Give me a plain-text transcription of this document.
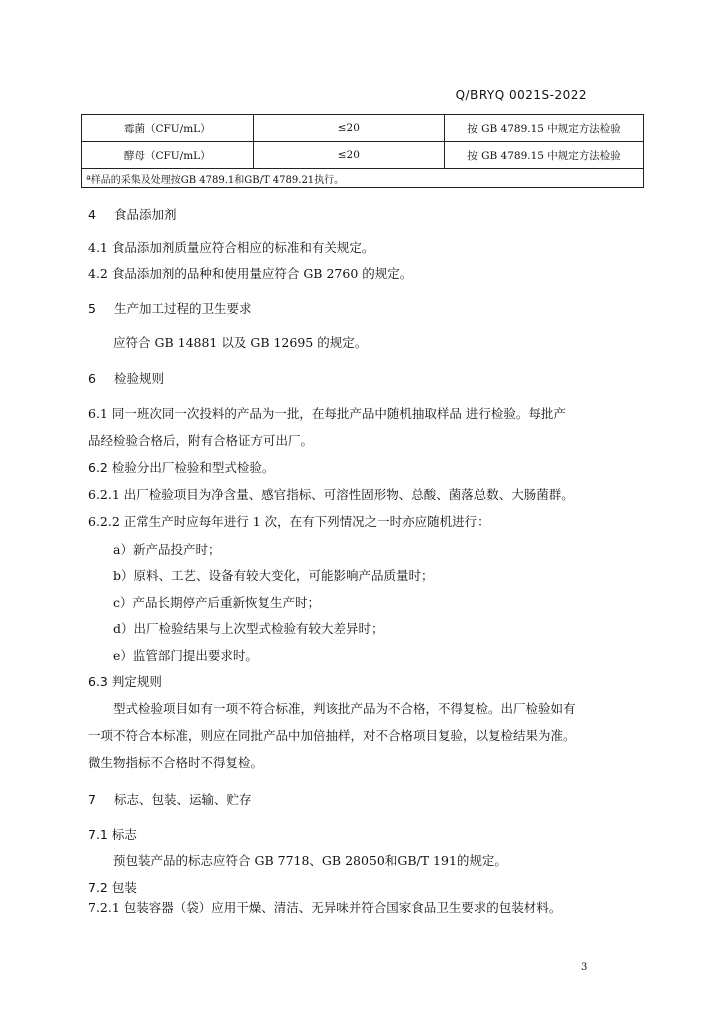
Q/BRYQ 0021S-2022
霉菌（CFU/mL）	≤20	按 GB 4789.15 中规定方法检验
酵母（CFU/mL）	≤20	按 GB 4789.15 中规定方法检验
ª样品的采集及处理按GB 4789.1和GB/T 4789.21执行。		
4 食品添加剂
4.1 食品添加剂质量应符合相应的标准和有关规定。
4.2 食品添加剂的品种和使用量应符合 GB 2760 的规定。
5 生产加工过程的卫生要求
应符合 GB 14881 以及 GB 12695 的规定。
6 检验规则
6.1 同一班次同一次投料的产品为一批，在每批产品中随机抽取样品 进行检验。每批产
品经检验合格后，附有合格证方可出厂。
6.2 检验分出厂检验和型式检验。
6.2.1 出厂检验项目为净含量、感官指标、可溶性固形物、总酸、菌落总数、大肠菌群。
6.2.2 正常生产时应每年进行 1 次，在有下列情况之一时亦应随机进行：
a）新产品投产时；
b）原料、工艺、设备有较大变化，可能影响产品质量时；
c）产品长期停产后重新恢复生产时；
d）出厂检验结果与上次型式检验有较大差异时；
e）监管部门提出要求时。
6.3 判定规则
型式检验项目如有一项不符合标准，判该批产品为不合格，不得复检。出厂检验如有
一项不符合本标准，则应在同批产品中加倍抽样，对不合格项目复验，以复检结果为准。
微生物指标不合格时不得复检。
7 标志、包装、运输、贮存
7.1 标志
预包装产品的标志应符合 GB 7718、GB 28050和GB/T 191的规定。
7.2 包装
7.2.1 包装容器（袋）应用干燥、清洁、无异味并符合国家食品卫生要求的包装材料。
3
